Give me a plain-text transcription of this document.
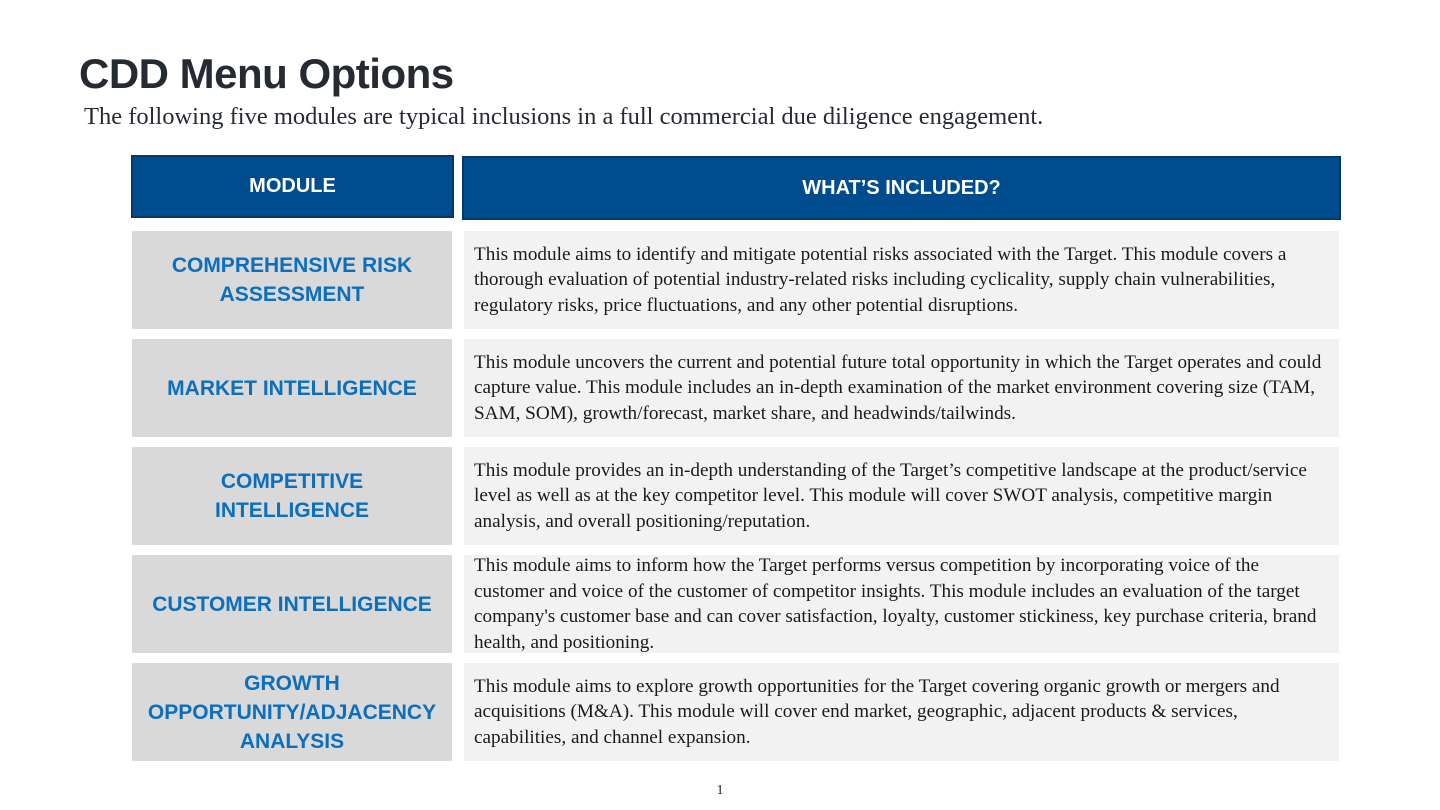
CDD Menu Options

The following five modules are typical inclusions in a full commercial due diligence engagement.

MODULE	WHAT’S INCLUDED?
COMPREHENSIVE RISK ASSESSMENT
This module aims to identify and mitigate potential risks associated with the Target. This module covers a thorough evaluation of potential industry-related risks including cyclicality, supply chain vulnerabilities, regulatory risks, price fluctuations, and any other potential disruptions.
MARKET INTELLIGENCE
This module uncovers the current and potential future total opportunity in which the Target operates and could capture value. This module includes an in-depth examination of the market environment covering size (TAM, SAM, SOM), growth/forecast, market share, and headwinds/tailwinds.
COMPETITIVE INTELLIGENCE
This module provides an in-depth understanding of the Target’s competitive landscape at the product/service level as well as at the key competitor level. This module will cover SWOT analysis, competitive margin analysis, and overall positioning/reputation.
CUSTOMER INTELLIGENCE
This module aims to inform how the Target performs versus competition by incorporating voice of the customer and voice of the customer of competitor insights. This module includes an evaluation of the target company's customer base and can cover satisfaction, loyalty, customer stickiness, key purchase criteria, brand health, and positioning.
GROWTH OPPORTUNITY/ADJACENCY ANALYSIS
This module aims to explore growth opportunities for the Target covering organic growth or mergers and acquisitions (M&A). This module will cover end market, geographic, adjacent products & services, capabilities, and channel expansion.
1
